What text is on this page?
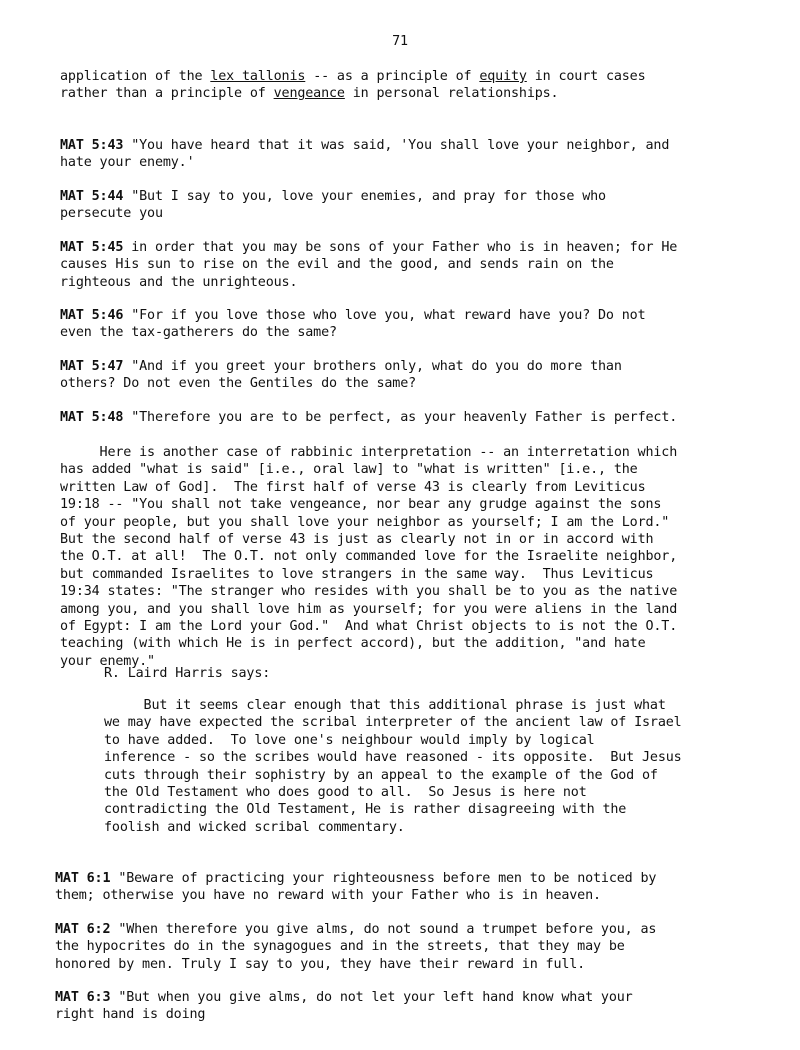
71
application of the lex tallonis -- as a principle of equity in court cases
rather than a principle of vengeance in personal relationships.
MAT 5:43 "You have heard that it was said, 'You shall love your neighbor, and
hate your enemy.'
MAT 5:44 "But I say to you, love your enemies, and pray for those who
persecute you
MAT 5:45 in order that you may be sons of your Father who is in heaven; for He
causes His sun to rise on the evil and the good, and sends rain on the
righteous and the unrighteous.
MAT 5:46 "For if you love those who love you, what reward have you? Do not
even the tax-gatherers do the same?
MAT 5:47 "And if you greet your brothers only, what do you do more than
others? Do not even the Gentiles do the same?
MAT 5:48 "Therefore you are to be perfect, as your heavenly Father is perfect.
Here is another case of rabbinic interpretation -- an interretation which
has added "what is said" [i.e., oral law] to "what is written" [i.e., the
written Law of God].  The first half of verse 43 is clearly from Leviticus
19:18 -- "You shall not take vengeance, nor bear any grudge against the sons
of your people, but you shall love your neighbor as yourself; I am the Lord."
But the second half of verse 43 is just as clearly not in or in accord with
the O.T. at all!  The O.T. not only commanded love for the Israelite neighbor,
but commanded Israelites to love strangers in the same way.  Thus Leviticus
19:34 states: "The stranger who resides with you shall be to you as the native
among you, and you shall love him as yourself; for you were aliens in the land
of Egypt: I am the Lord your God."  And what Christ objects to is not the O.T.
teaching (with which He is in perfect accord), but the addition, "and hate
your enemy."
R. Laird Harris says:
But it seems clear enough that this additional phrase is just what
we may have expected the scribal interpreter of the ancient law of Israel
to have added.  To love one's neighbour would imply by logical
inference - so the scribes would have reasoned - its opposite.  But Jesus
cuts through their sophistry by an appeal to the example of the God of
the Old Testament who does good to all.  So Jesus is here not
contradicting the Old Testament, He is rather disagreeing with the
foolish and wicked scribal commentary.
MAT 6:1 "Beware of practicing your righteousness before men to be noticed by
them; otherwise you have no reward with your Father who is in heaven.
MAT 6:2 "When therefore you give alms, do not sound a trumpet before you, as
the hypocrites do in the synagogues and in the streets, that they may be
honored by men. Truly I say to you, they have their reward in full.
MAT 6:3 "But when you give alms, do not let your left hand know what your
right hand is doing
